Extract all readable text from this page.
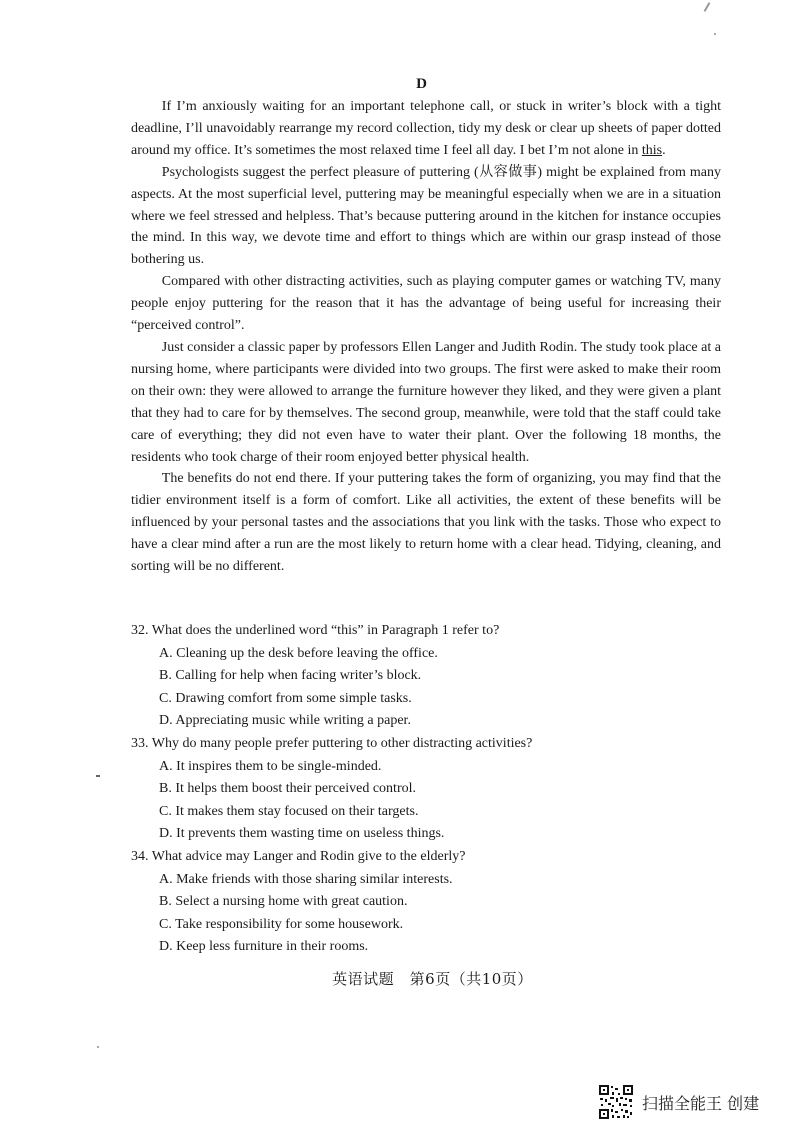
D

If I’m anxiously waiting for an important telephone call, or stuck in writer’s block with a tight deadline, I’ll unavoidably rearrange my record collection, tidy my desk or clear up sheets of paper dotted around my office. It’s sometimes the most relaxed time I feel all day. I bet I’m not alone in this.

Psychologists suggest the perfect pleasure of puttering (从容做事) might be explained from many aspects. At the most superficial level, puttering may be meaningful especially when we are in a situation where we feel stressed and helpless. That’s because puttering around in the kitchen for instance occupies the mind. In this way, we devote time and effort to things which are within our grasp instead of those bothering us.

Compared with other distracting activities, such as playing computer games or watching TV, many people enjoy puttering for the reason that it has the advantage of being useful for increasing their “perceived control”.

Just consider a classic paper by professors Ellen Langer and Judith Rodin. The study took place at a nursing home, where participants were divided into two groups. The first were asked to make their room on their own: they were allowed to arrange the furniture however they liked, and they were given a plant that they had to care for by themselves. The second group, meanwhile, were told that the staff could take care of everything; they did not even have to water their plant. Over the following 18 months, the residents who took charge of their room enjoyed better physical health.

The benefits do not end there. If your puttering takes the form of organizing, you may find that the tidier environment itself is a form of comfort. Like all activities, the extent of these benefits will be influenced by your personal tastes and the associations that you link with the tasks. Those who expect to have a clear mind after a run are the most likely to return home with a clear head. Tidying, cleaning, and sorting will be no different.

32. What does the underlined word “this” in Paragraph 1 refer to?

A. Cleaning up the desk before leaving the office.

B. Calling for help when facing writer’s block.

C. Drawing comfort from some simple tasks.

D. Appreciating music while writing a paper.

33. Why do many people prefer puttering to other distracting activities?

A. It inspires them to be single-minded.

B. It helps them boost their perceived control.

C. It makes them stay focused on their targets.

D. It prevents them wasting time on useless things.

34. What advice may Langer and Rodin give to the elderly?

A. Make friends with those sharing similar interests.

B. Select a nursing home with great caution.

C. Take responsibility for some housework.

D. Keep less furniture in their rooms.

英语试题　第6页（共10页）
扫描全能王 创建
